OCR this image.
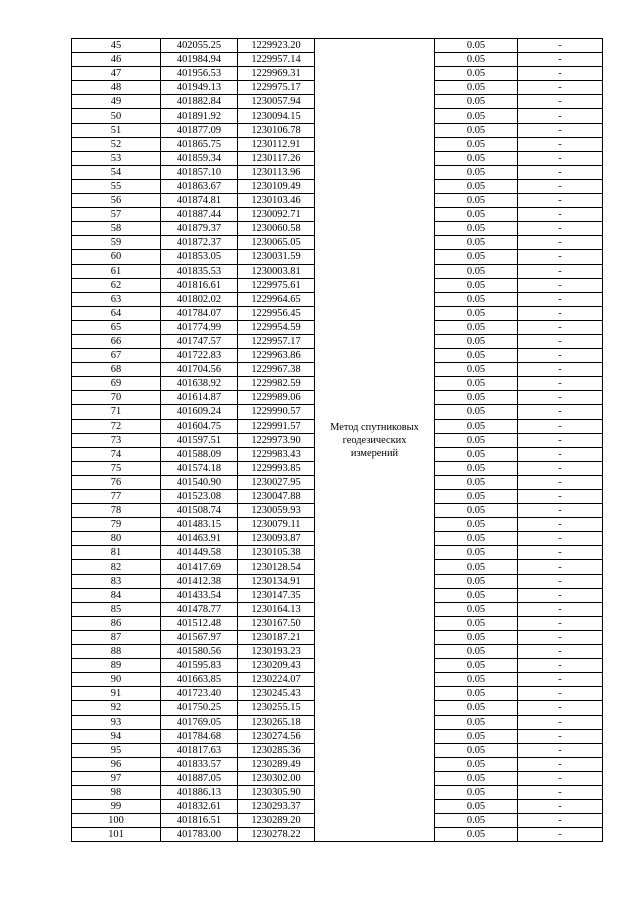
45	402055.25	1229923.20	Метод спутниковых геодезических измерений	0.05	-
46	401984.94	1229957.14		0.05	-
47	401956.53	1229969.31		0.05	-
48	401949.13	1229975.17		0.05	-
49	401882.84	1230057.94		0.05	-
50	401891.92	1230094.15		0.05	-
51	401877.09	1230106.78		0.05	-
52	401865.75	1230112.91		0.05	-
53	401859.34	1230117.26		0.05	-
54	401857.10	1230113.96		0.05	-
55	401863.67	1230109.49		0.05	-
56	401874.81	1230103.46		0.05	-
57	401887.44	1230092.71		0.05	-
58	401879.37	1230060.58		0.05	-
59	401872.37	1230065.05		0.05	-
60	401853.05	1230031.59		0.05	-
61	401835.53	1230003.81		0.05	-
62	401816.61	1229975.61		0.05	-
63	401802.02	1229964.65		0.05	-
64	401784.07	1229956.45		0.05	-
65	401774.99	1229954.59		0.05	-
66	401747.57	1229957.17		0.05	-
67	401722.83	1229963.86		0.05	-
68	401704.56	1229967.38		0.05	-
69	401638.92	1229982.59		0.05	-
70	401614.87	1229989.06		0.05	-
71	401609.24	1229990.57		0.05	-
72	401604.75	1229991.57		0.05	-
73	401597.51	1229973.90		0.05	-
74	401588.09	1229983.43		0.05	-
75	401574.18	1229993.85		0.05	-
76	401540.90	1230027.95		0.05	-
77	401523.08	1230047.88		0.05	-
78	401508.74	1230059.93		0.05	-
79	401483.15	1230079.11		0.05	-
80	401463.91	1230093.87		0.05	-
81	401449.58	1230105.38		0.05	-
82	401417.69	1230128.54		0.05	-
83	401412.38	1230134.91		0.05	-
84	401433.54	1230147.35		0.05	-
85	401478.77	1230164.13		0.05	-
86	401512.48	1230167.50		0.05	-
87	401567.97	1230187.21		0.05	-
88	401580.56	1230193.23		0.05	-
89	401595.83	1230209.43		0.05	-
90	401663.85	1230224.07		0.05	-
91	401723.40	1230245.43		0.05	-
92	401750.25	1230255.15		0.05	-
93	401769.05	1230265.18		0.05	-
94	401784.68	1230274.56		0.05	-
95	401817.63	1230285.36		0.05	-
96	401833.57	1230289.49		0.05	-
97	401887.05	1230302.00		0.05	-
98	401886.13	1230305.90		0.05	-
99	401832.61	1230293.37		0.05	-
100	401816.51	1230289.20		0.05	-
101	401783.00	1230278.22		0.05	-
